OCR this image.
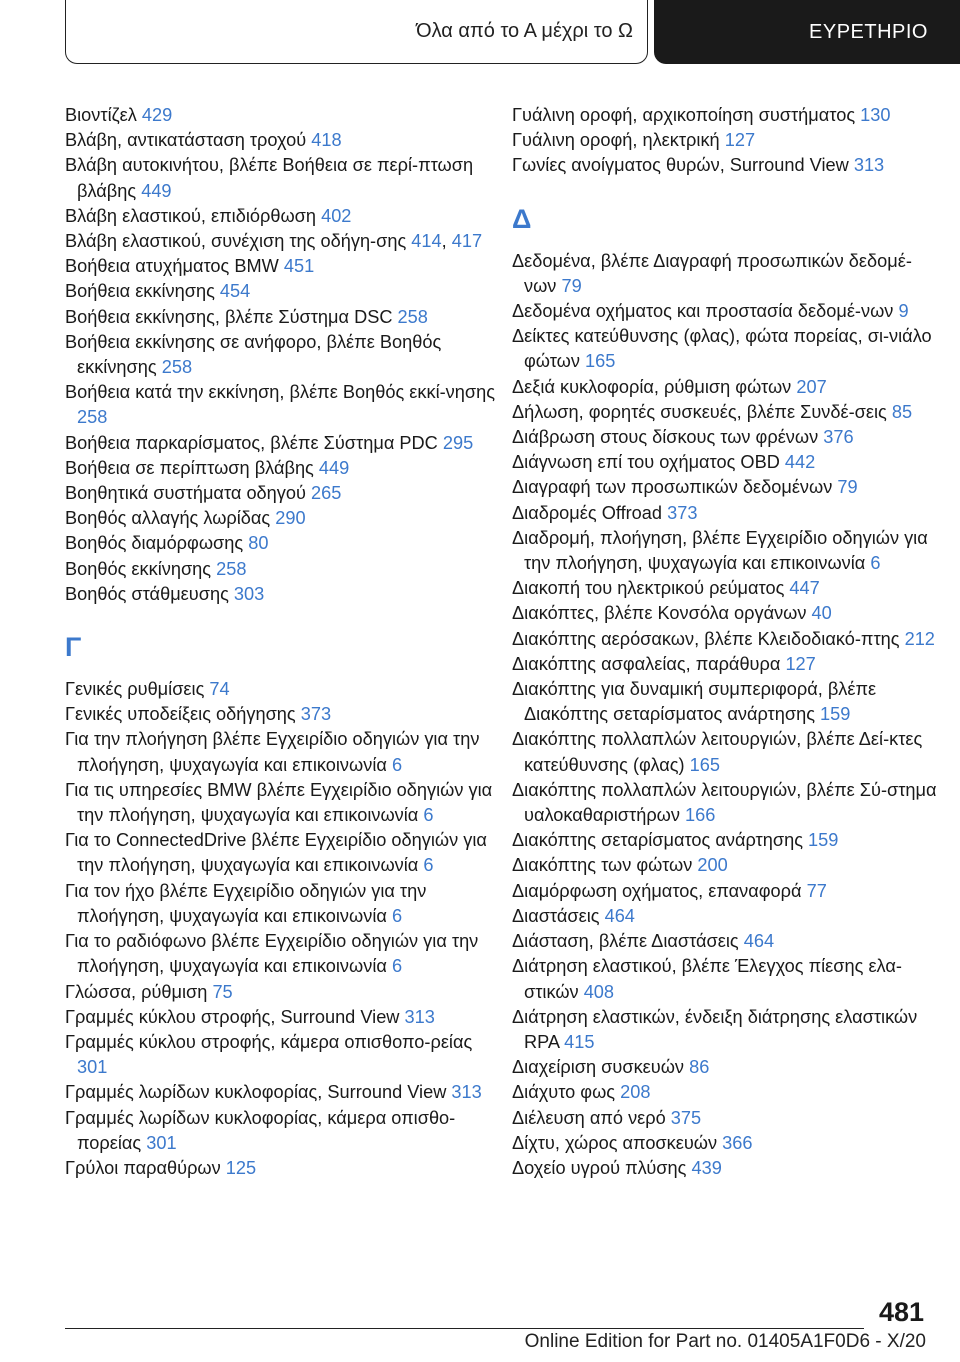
Όλα από το Α μέχρι το Ω	ΕΥΡΕΤΗΡΙΟ
Βιοντίζελ 429
Βλάβη, αντικατάσταση τροχού 418
Βλάβη αυτοκινήτου, βλέπε Βοήθεια σε περί-πτωση βλάβης 449
Βλάβη ελαστικού, επιδιόρθωση 402
Βλάβη ελαστικού, συνέχιση της οδήγη-σης 414, 417
Βοήθεια ατυχήματος BMW 451
Βοήθεια εκκίνησης 454
Βοήθεια εκκίνησης, βλέπε Σύστημα DSC 258
Βοήθεια εκκίνησης σε ανήφορο, βλέπε Βοηθός εκκίνησης 258
Βοήθεια κατά την εκκίνηση, βλέπε Βοηθός εκκί-νησης 258
Βοήθεια παρκαρίσματος, βλέπε Σύστημα PDC 295
Βοήθεια σε περίπτωση βλάβης 449
Βοηθητικά συστήματα οδηγού 265
Βοηθός αλλαγής λωρίδας 290
Βοηθός διαμόρφωσης 80
Βοηθός εκκίνησης 258
Βοηθός στάθμευσης 303
Γ
Γενικές ρυθμίσεις 74
Γενικές υποδείξεις οδήγησης 373
Για την πλοήγηση βλέπε Εγχειρίδιο οδηγιών για την πλοήγηση, ψυχαγωγία και επικοινωνία 6
Για τις υπηρεσίες BMW βλέπε Εγχειρίδιο οδηγιών για την πλοήγηση, ψυχαγωγία και επικοινωνία 6
Για το ConnectedDrive βλέπε Εγχειρίδιο οδηγιών για την πλοήγηση, ψυχαγωγία και επικοινωνία 6
Για τον ήχο βλέπε Εγχειρίδιο οδηγιών για την πλοήγηση, ψυχαγωγία και επικοινωνία 6
Για το ραδιόφωνο βλέπε Εγχειρίδιο οδηγιών για την πλοήγηση, ψυχαγωγία και επικοινωνία 6
Γλώσσα, ρύθμιση 75
Γραμμές κύκλου στροφής, Surround View 313
Γραμμές κύκλου στροφής, κάμερα οπισθοπο-ρείας 301
Γραμμές λωρίδων κυκλοφορίας, Surround View 313
Γραμμές λωρίδων κυκλοφορίας, κάμερα οπισθο-πορείας 301
Γρύλοι παραθύρων 125
Γυάλινη οροφή, αρχικοποίηση συστήματος 130
Γυάλινη οροφή, ηλεκτρική 127
Γωνίες ανοίγματος θυρών, Surround View 313
Δ
Δεδομένα, βλέπε Διαγραφή προσωπικών δεδομέ-νων 79
Δεδομένα οχήματος και προστασία δεδομέ-νων 9
Δείκτες κατεύθυνσης (φλας), φώτα πορείας, σι-νιάλο φώτων 165
Δεξιά κυκλοφορία, ρύθμιση φώτων 207
Δήλωση, φορητές συσκευές, βλέπε Συνδέ-σεις 85
Διάβρωση στους δίσκους των φρένων 376
Διάγνωση επί του οχήματος OBD 442
Διαγραφή των προσωπικών δεδομένων 79
Διαδρομές Offroad 373
Διαδρομή, πλοήγηση, βλέπε Εγχειρίδιο οδηγιών για την πλοήγηση, ψυχαγωγία και επικοινωνία 6
Διακοπή του ηλεκτρικού ρεύματος 447
Διακόπτες, βλέπε Κονσόλα οργάνων 40
Διακόπτης αερόσακων, βλέπε Κλειδοδιακό-πτης 212
Διακόπτης ασφαλείας, παράθυρα 127
Διακόπτης για δυναμική συμπεριφορά, βλέπε Διακόπτης σεταρίσματος ανάρτησης 159
Διακόπτης πολλαπλών λειτουργιών, βλέπε Δεί-κτες κατεύθυνσης (φλας) 165
Διακόπτης πολλαπλών λειτουργιών, βλέπε Σύ-στημα υαλοκαθαριστήρων 166
Διακόπτης σεταρίσματος ανάρτησης 159
Διακόπτης των φώτων 200
Διαμόρφωση οχήματος, επαναφορά 77
Διαστάσεις 464
Διάσταση, βλέπε Διαστάσεις 464
Διάτρηση ελαστικού, βλέπε Έλεγχος πίεσης ελα-στικών 408
Διάτρηση ελαστικών, ένδειξη διάτρησης ελαστικών RPA 415
Διαχείριση συσκευών 86
Διάχυτο φως 208
Διέλευση από νερό 375
Δίχτυ, χώρος αποσκευών 366
Δοχείο υγρού πλύσης 439
481
Online Edition for Part no. 01405A1F0D6 - X/20
